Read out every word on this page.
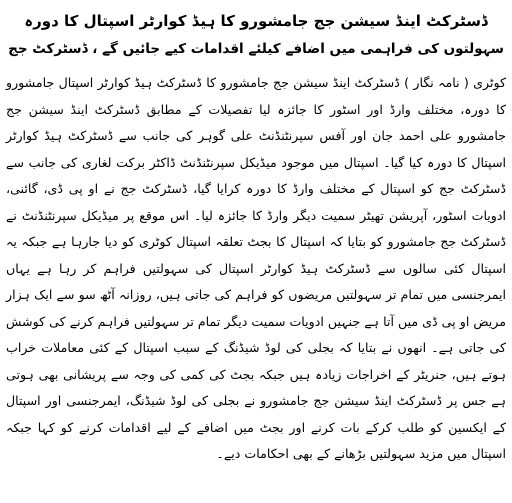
ڈسٹرکٹ اینڈ سیشن جج جامشورو کا ہیڈ کوارٹر اسپتال کا دورہ
سہولتوں کی فراہمی میں اضافے کیلئے اقدامات کیے جائیں گے ، ڈسٹرکٹ جج

کوٹری ( نامہ نگار ) ڈسٹرکٹ اینڈ سیشن جج جامشورو کا ڈسٹرکٹ ہیڈ کوارٹر اسپتال جامشورو کا دورہ، مختلف وارڈ اور اسٹور کا جائزہ لیا تفصیلات کے مطابق ڈسٹرکٹ اینڈ سیشن جج جامشورو علی احمد جان اور آفس سپرنٹنڈنٹ علی گوہر کی جانب سے ڈسٹرکٹ ہیڈ کوارٹر اسپتال کا دورہ کیا گیا۔ اسپتال میں موجود میڈیکل سپرنٹنڈنٹ ڈاکٹر برکت لغاری کی جانب سے ڈسٹرکٹ جج کو اسپتال کے مختلف وارڈ کا دورہ کرایا گیا، ڈسٹرکٹ جج نے او پی ڈی، گائنی، ادویات اسٹور، آپریشن تھیٹر سمیت دیگر وارڈ کا جائزہ لیا۔ اس موقع پر میڈیکل سپرنٹنڈنٹ نے ڈسٹرکٹ جج جامشورو کو بتایا کہ اسپتال کا بجٹ تعلقہ اسپتال کوٹری کو دیا جارہا ہے جبکہ یہ اسپتال کئی سالوں سے ڈسٹرکٹ ہیڈ کوارٹر اسپتال کی سہولتیں فراہم کر رہا ہے یہاں ایمرجنسی میں تمام تر سہولتیں مریضوں کو فراہم کی جاتی ہیں، روزانہ آٹھ سو سے ایک ہزار مریض او پی ڈی میں آتا ہے جنہیں ادویات سمیت دیگر تمام تر سہولتیں فراہم کرنے کی کوشش کی جاتی ہے۔ انھوں نے بتایا کہ بجلی کی لوڈ شیڈنگ کے سبب اسپتال کے کئی معاملات خراب ہوتے ہیں، جنریٹر کے اخراجات زیادہ ہیں جبکہ بجٹ کی کمی کی وجہ سے پریشانی بھی ہوتی ہے جس پر ڈسٹرکٹ اینڈ سیشن جج جامشورو نے بجلی کی لوڈ شیڈنگ، ایمرجنسی اور اسپتال کے ایکسین کو طلب کرکے بات کرنے اور بجٹ میں اضافے کے لیے اقدامات کرنے کو کہا جبکہ اسپتال میں مزید سہولتیں بڑھانے کے بھی احکامات دیے۔
